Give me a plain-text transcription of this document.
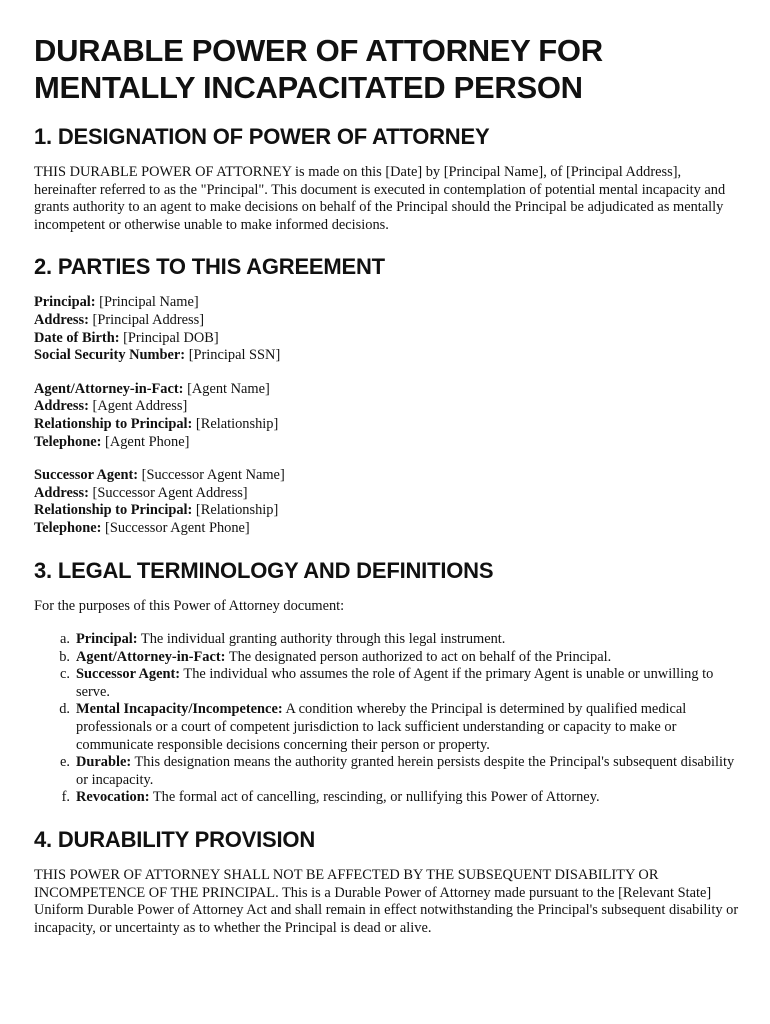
DURABLE POWER OF ATTORNEY FOR
MENTALLY INCAPACITATED PERSON
1. DESIGNATION OF POWER OF ATTORNEY

THIS DURABLE POWER OF ATTORNEY is made on this [Date] by [Principal Name], of [Principal Address], hereinafter referred to as the "Principal". This document is executed in contemplation of potential mental incapacity and grants authority to an agent to make decisions on behalf of the Principal should the Principal be adjudicated as mentally incompetent or otherwise unable to make informed decisions.

2. PARTIES TO THIS AGREEMENT
Principal: [Principal Name]
Address: [Principal Address]
Date of Birth: [Principal DOB]
Social Security Number: [Principal SSN]
Agent/Attorney-in-Fact: [Agent Name]
Address: [Agent Address]
Relationship to Principal: [Relationship]
Telephone: [Agent Phone]
Successor Agent: [Successor Agent Name]
Address: [Successor Agent Address]
Relationship to Principal: [Relationship]
Telephone: [Successor Agent Phone]
3. LEGAL TERMINOLOGY AND DEFINITIONS

For the purposes of this Power of Attorney document:

a. Principal: The individual granting authority through this legal instrument.
b. Agent/Attorney-in-Fact: The designated person authorized to act on behalf of the Principal.
c. Successor Agent: The individual who assumes the role of Agent if the primary Agent is unable or unwilling to serve.
d. Mental Incapacity/Incompetence: A condition whereby the Principal is determined by qualified medical professionals or a court of competent jurisdiction to lack sufficient understanding or capacity to make or communicate responsible decisions concerning their person or property.
e. Durable: This designation means the authority granted herein persists despite the Principal's subsequent disability or incapacity.
f. Revocation: The formal act of cancelling, rescinding, or nullifying this Power of Attorney.
4. DURABILITY PROVISION

THIS POWER OF ATTORNEY SHALL NOT BE AFFECTED BY THE SUBSEQUENT DISABILITY OR INCOMPETENCE OF THE PRINCIPAL. This is a Durable Power of Attorney made pursuant to the [Relevant State] Uniform Durable Power of Attorney Act and shall remain in effect notwithstanding the Principal's subsequent disability or incapacity, or uncertainty as to whether the Principal is dead or alive.
